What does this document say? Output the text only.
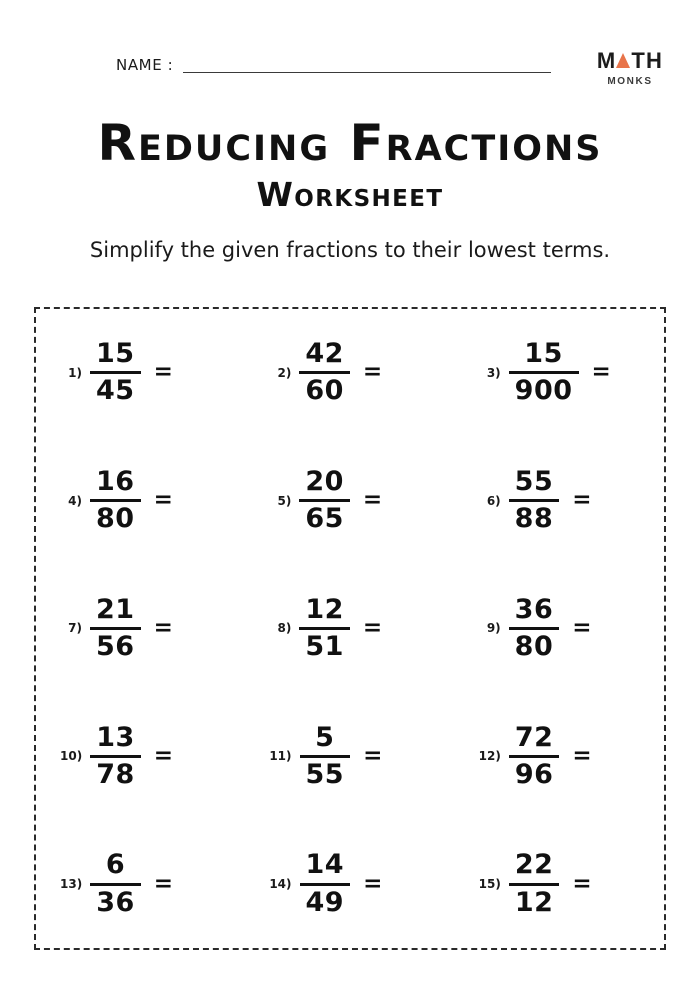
NAME :	M TH
MONKS
Reducing Fractions
Worksheet
Simplify the given fractions to their lowest terms.
$1) \frac{15}{45}$ =	$2) \frac{42}{60}$ =	$3) \frac{15}{900}$ =
$4) \frac{16}{80}$ =	$5) \frac{20}{65}$ =	$6) \frac{55}{88}$ =
$7) \frac{21}{56}$ =	$8) \frac{12}{51}$ =	$9) \frac{36}{80}$ =
$10) \frac{13}{78}$ =	$11) \frac{5}{55}$ =	$12) \frac{72}{96}$ =
$13) \frac{6}{36}$ =	$14) \frac{14}{49}$ =	$15) \frac{22}{12}$ =
